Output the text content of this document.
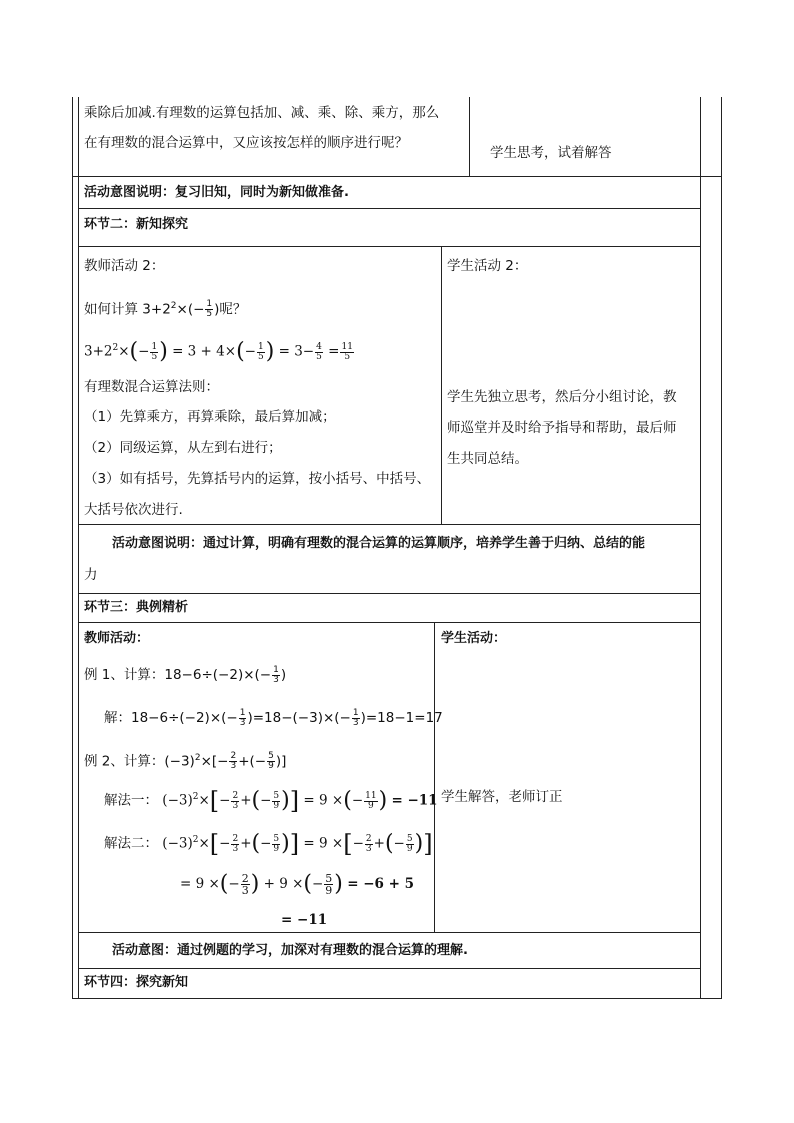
乘除后加减.有理数的运算包括加、减、乘、除、乘方，那么
在有理数的混合运算中，又应该按怎样的顺序进行呢？
学生思考，试着解答
活动意图说明：复习旧知，同时为新知做准备.
环节二：新知探究
教师活动 2：	学生活动 2：
如何计算 $3+2^2\times(- \frac{1}{5}$ )呢？
$3+2^2\times(- \frac{1}{5}$ ) = $3 + 4\times(- \frac{1}{5}$ ) = $3- \frac{4}{5} = \frac{11}{5}$
有理数混合运算法则：
（1）先算乘方，再算乘除，最后算加减；
（2）同级运算，从左到右进行；
（3）如有括号，先算括号内的运算，按小括号、中括号、
大括号依次进行.
学生先独立思考，然后分小组讨论，教
师巡堂并及时给予指导和帮助，最后师
生共同总结。
活动意图说明：通过计算，明确有理数的混合运算的运算顺序，培养学生善于归纳、总结的能
力
环节三：典例精析
教师活动：	学生活动：
例 1、计算：$18-6\div(-2)\times(- \frac{1}{3}$ )
解：$18-6\div(-2)\times(- \frac{1}{3} )=18-(-3)\times(- \frac{1}{3} )=18-1=17$
例 2、计算：$(-3)^2\times[- \frac{2}{3}$ +(− $\frac{5}{9}$ )]
解法一： $(-3)^2\times[- \frac{2}{3}$ +(− $\frac{5}{9}$ )] = 9 ×(− $\frac{11}{9}$ ) = −11
解法二： $(-3)^2\times[- \frac{2}{3}$ +(− $\frac{5}{9}$ )] = 9 ×[− $\frac{2}{3}$ +(− $\frac{5}{9}$ )]
= 9 ×(− $\frac{2}{3}$ ) + 9 ×(− $\frac{5}{9}$ ) = −6 + 5
= −11
学生解答，老师订正
活动意图：通过例题的学习，加深对有理数的混合运算的理解.
环节四：探究新知
